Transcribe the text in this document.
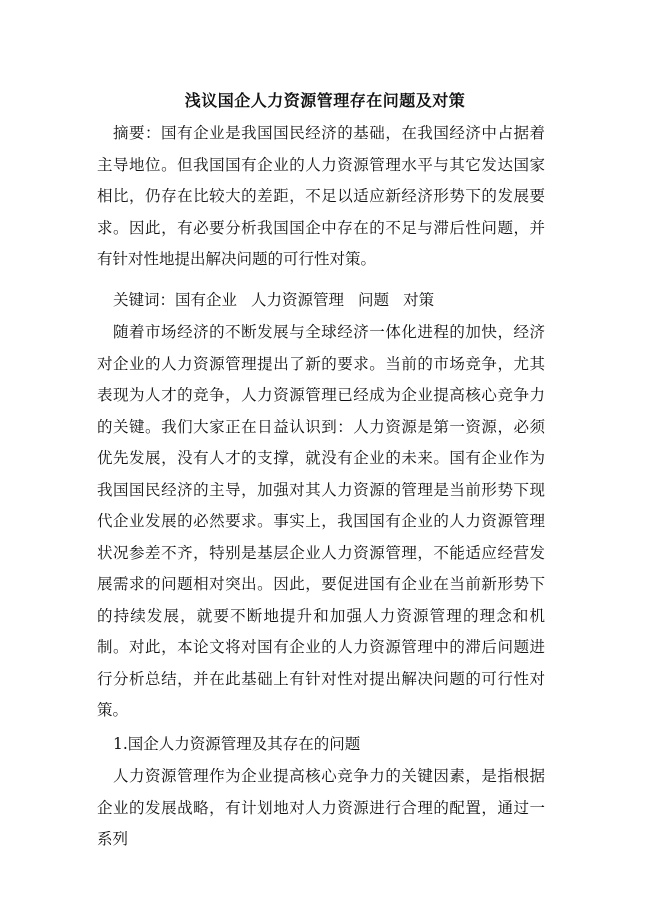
浅议国企人力资源管理存在问题及对策
摘要：国有企业是我国国民经济的基础，在我国经济中占据着主导地位。但我国国有企业的人力资源管理水平与其它发达国家相比，仍存在比较大的差距，不足以适应新经济形势下的发展要求。因此，有必要分析我国国企中存在的不足与滞后性问题，并有针对性地提出解决问题的可行性对策。
关键词：国有企业 人力资源管理 问题 对策
随着市场经济的不断发展与全球经济一体化进程的加快，经济对企业的人力资源管理提出了新的要求。当前的市场竞争，尤其表现为人才的竞争，人力资源管理已经成为企业提高核心竞争力的关键。我们大家正在日益认识到：人力资源是第一资源，必须优先发展，没有人才的支撑，就没有企业的未来。国有企业作为我国国民经济的主导，加强对其人力资源的管理是当前形势下现代企业发展的必然要求。事实上，我国国有企业的人力资源管理状况参差不齐，特别是基层企业人力资源管理，不能适应经营发展需求的问题相对突出。因此，要促进国有企业在当前新形势下的持续发展，就要不断地提升和加强人力资源管理的理念和机制。对此，本论文将对国有企业的人力资源管理中的滞后问题进行分析总结，并在此基础上有针对性对提出解决问题的可行性对策。
1.国企人力资源管理及其存在的问题
人力资源管理作为企业提高核心竞争力的关键因素，是指根据企业的发展战略，有计划地对人力资源进行合理的配置，通过一系列
